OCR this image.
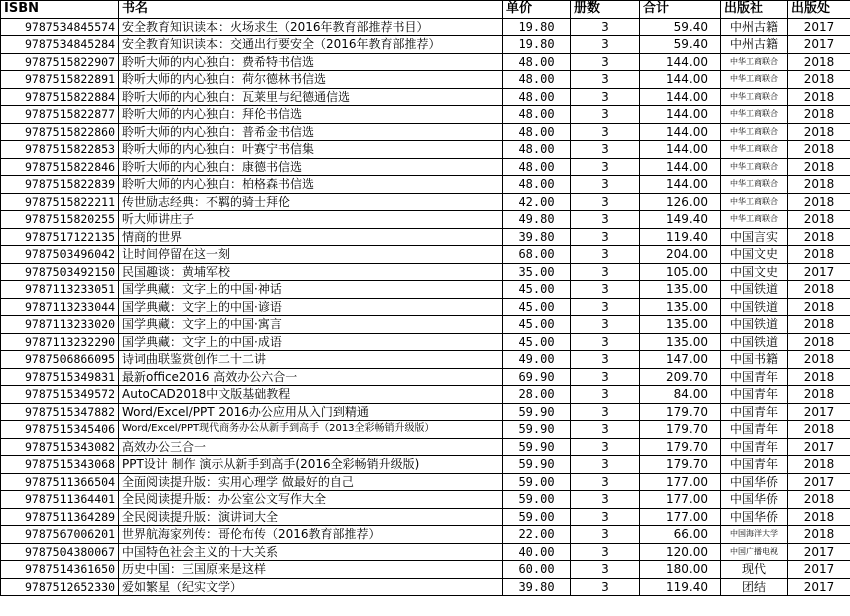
ISBN	书名	单价	册数	合计	出版社	出版处
9787534845574	安全教育知识读本：火场求生（2016年教育部推荐书目）	19.80	3	59.40	中州古籍	2017
9787534845284	安全教育知识读本：交通出行要安全（2016年教育部推荐）	19.80	3	59.40	中州古籍	2017
9787515822907	聆听大师的内心独白：费希特书信选	48.00	3	144.00	中华工商联合	2018
9787515822891	聆听大师的内心独白：荷尔德林书信选	48.00	3	144.00	中华工商联合	2018
9787515822884	聆听大师的内心独白：瓦莱里与纪德通信选	48.00	3	144.00	中华工商联合	2018
9787515822877	聆听大师的内心独白：拜伦书信选	48.00	3	144.00	中华工商联合	2018
9787515822860	聆听大师的内心独白：普希金书信选	48.00	3	144.00	中华工商联合	2018
9787515822853	聆听大师的内心独白：叶赛宁书信集	48.00	3	144.00	中华工商联合	2018
9787515822846	聆听大师的内心独白：康德书信选	48.00	3	144.00	中华工商联合	2018
9787515822839	聆听大师的内心独白：柏格森书信选	48.00	3	144.00	中华工商联合	2018
9787515822211	传世励志经典：不羁的骑士拜伦	42.00	3	126.00	中华工商联合	2018
9787515820255	听大师讲庄子	49.80	3	149.40	中华工商联合	2018
9787517122135	情商的世界	39.80	3	119.40	中国言实	2018
9787503496042	让时间停留在这一刻	68.00	3	204.00	中国文史	2018
9787503492150	民国趣谈：黄埔军校	35.00	3	105.00	中国文史	2017
9787113233051	国学典藏：文字上的中国·神话	45.00	3	135.00	中国铁道	2018
9787113233044	国学典藏：文字上的中国·谚语	45.00	3	135.00	中国铁道	2018
9787113233020	国学典藏：文字上的中国·寓言	45.00	3	135.00	中国铁道	2018
9787113232290	国学典藏：文字上的中国·成语	45.00	3	135.00	中国铁道	2018
9787506866095	诗词曲联鉴赏创作二十二讲	49.00	3	147.00	中国书籍	2018
9787515349831	最新office2016 高效办公六合一	69.90	3	209.70	中国青年	2018
9787515349572	AutoCAD2018中文版基础教程	28.00	3	84.00	中国青年	2018
9787515347882	Word/Excel/PPT 2016办公应用从入门到精通	59.90	3	179.70	中国青年	2017
9787515345406	Word/Excel/PPT现代商务办公从新手到高手（2013全彩畅销升级版）	59.90	3	179.70	中国青年	2018
9787515343082	高效办公三合一	59.90	3	179.70	中国青年	2017
9787515343068	PPT设计 制作 演示从新手到高手(2016全彩畅销升级版)	59.90	3	179.70	中国青年	2018
9787511366504	全面阅读提升版：实用心理学 做最好的自己	59.00	3	177.00	中国华侨	2017
9787511364401	全民阅读提升版：办公室公文写作大全	59.00	3	177.00	中国华侨	2018
9787511364289	全民阅读提升版：演讲词大全	59.00	3	177.00	中国华侨	2018
9787567006201	世界航海家列传：哥伦布传（2016教育部推荐）	22.00	3	66.00	中国海洋大学	2018
9787504380067	中国特色社会主义的十大关系	40.00	3	120.00	中国广播电视	2017
9787514361650	历史中国：三国原来是这样	60.00	3	180.00	现代	2017
9787512652330	爱如繁星（纪实文学）	39.80	3	119.40	团结	2017
